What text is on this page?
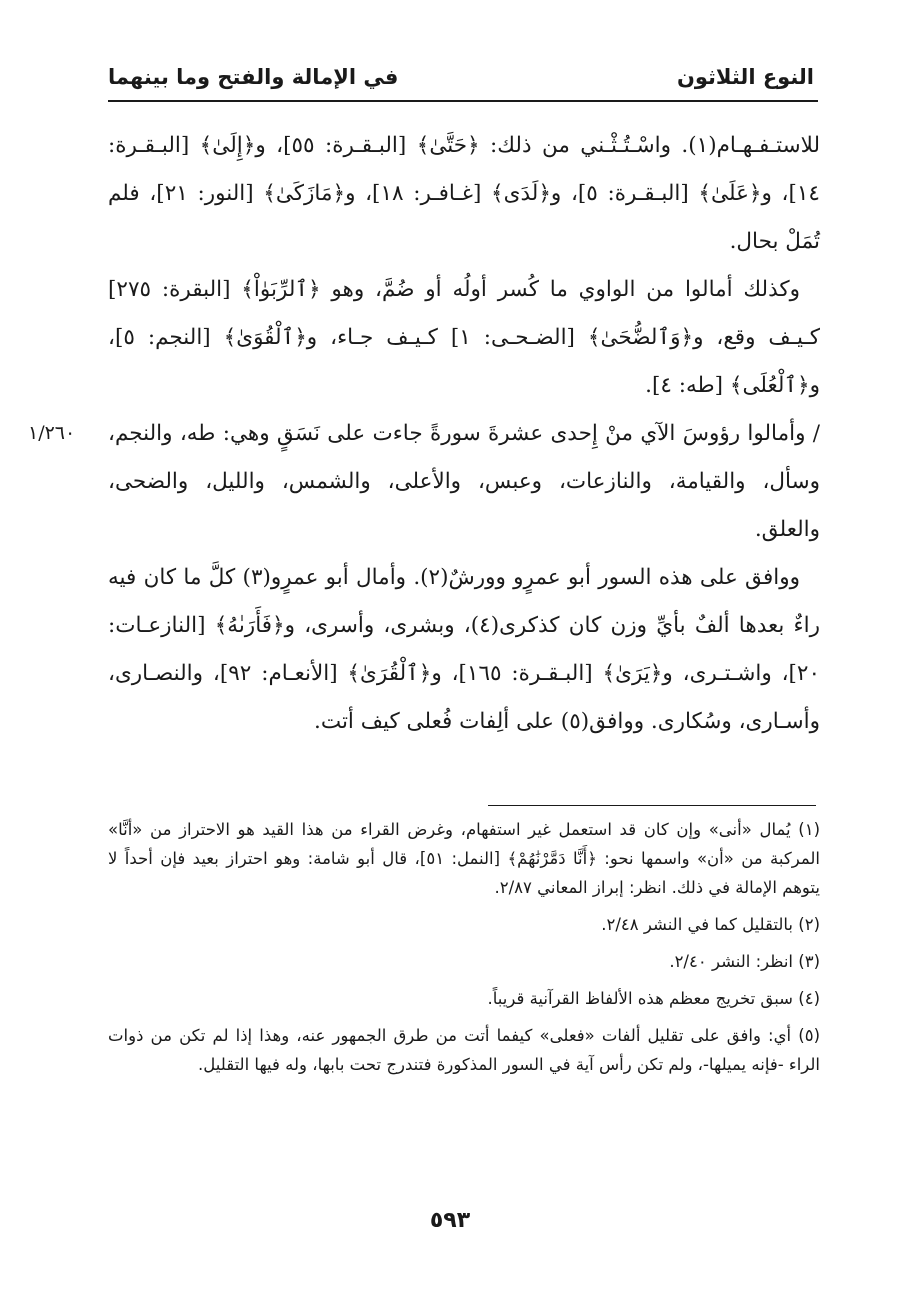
النوع الثلاثون
في الإمالة والفتح وما بينهما
١/٢٦٠

للاستـفـهـام(١). واسْـتُـثْـني من ذلك: ﴿حَتَّىٰ﴾ [البـقـرة: ٥٥]، و﴿إِلَىٰ﴾ [البـقـرة: ١٤]، و﴿عَلَىٰ﴾ [البـقـرة: ٥]، و﴿لَدَى﴾ [غـافـر: ١٨]، و﴿مَازَكَىٰ﴾ [النور: ٢١]، فلم تُمَلْ بحال.

وكذلك أمالوا من الواوي ما كُسر أولُه أو ضُمَّ، وهو ﴿ٱلرِّبَوٰاْ﴾ [البقرة: ٢٧٥] كـيـف وقع، و﴿وَٱلضُّحَىٰ﴾ [الضـحـى: ١] كـيـف جـاء، و﴿ٱلْقُوَىٰ﴾ [النجم: ٥]، و﴿ٱلْعُلَى﴾ [طه: ٤].

/ وأمالوا رؤوسَ الآي منْ إِحدى عشرةَ سورةً جاءت على نَسَقٍ وهي: طه، والنجم، وسأل، والقيامة، والنازعات، وعبس، والأعلى، والشمس، والليل، والضحى، والعلق.

ووافق على هذه السور أبو عمرٍو وورشٌ(٢). وأمال أبو عمرٍو(٣) كلَّ ما كان فيه راءٌ بعدها ألفٌ بأيِّ وزن كان كذكرى(٤)، وبشرى، وأسرى، و﴿فَأَرَىٰهُ﴾ [النازعـات: ٢٠]، واشـتـرى، و﴿يَرَىٰ﴾ [البـقـرة: ١٦٥]، و﴿ٱلْقُرَىٰ﴾ [الأنعـام: ٩٢]، والنصـارى، وأسـارى، وسُكارى. ووافق(٥) على ألِفات فُعلى كيف أتت.

(١) يُمال «أنى» وإن كان قد استعمل غير استفهام، وغرض القراء من هذا القيد هو الاحتراز من «أنَّا» المركبة من «أن» واسمها نحو: ﴿أَنَّا دَمَّرْنَٰهُمْ﴾ [النمل: ٥١]، قال أبو شامة: وهو احتراز بعيد فإن أحداً لا يتوهم الإمالة في ذلك. انظر: إبراز المعاني ٢/٨٧.

(٢) بالتقليل كما في النشر ٢/٤٨.

(٣) انظر: النشر ٢/٤٠.

(٤) سبق تخريج معظم هذه الألفاظ القرآنية قريباً.

(٥) أي: وافق على تقليل ألفات «فعلى» كيفما أتت من طرق الجمهور عنه، وهذا إذا لم تكن من ذوات الراء -فإنه يميلها-، ولم تكن رأس آية في السور المذكورة فتندرج تحت بابها، وله فيها التقليل.

٥٩٣
